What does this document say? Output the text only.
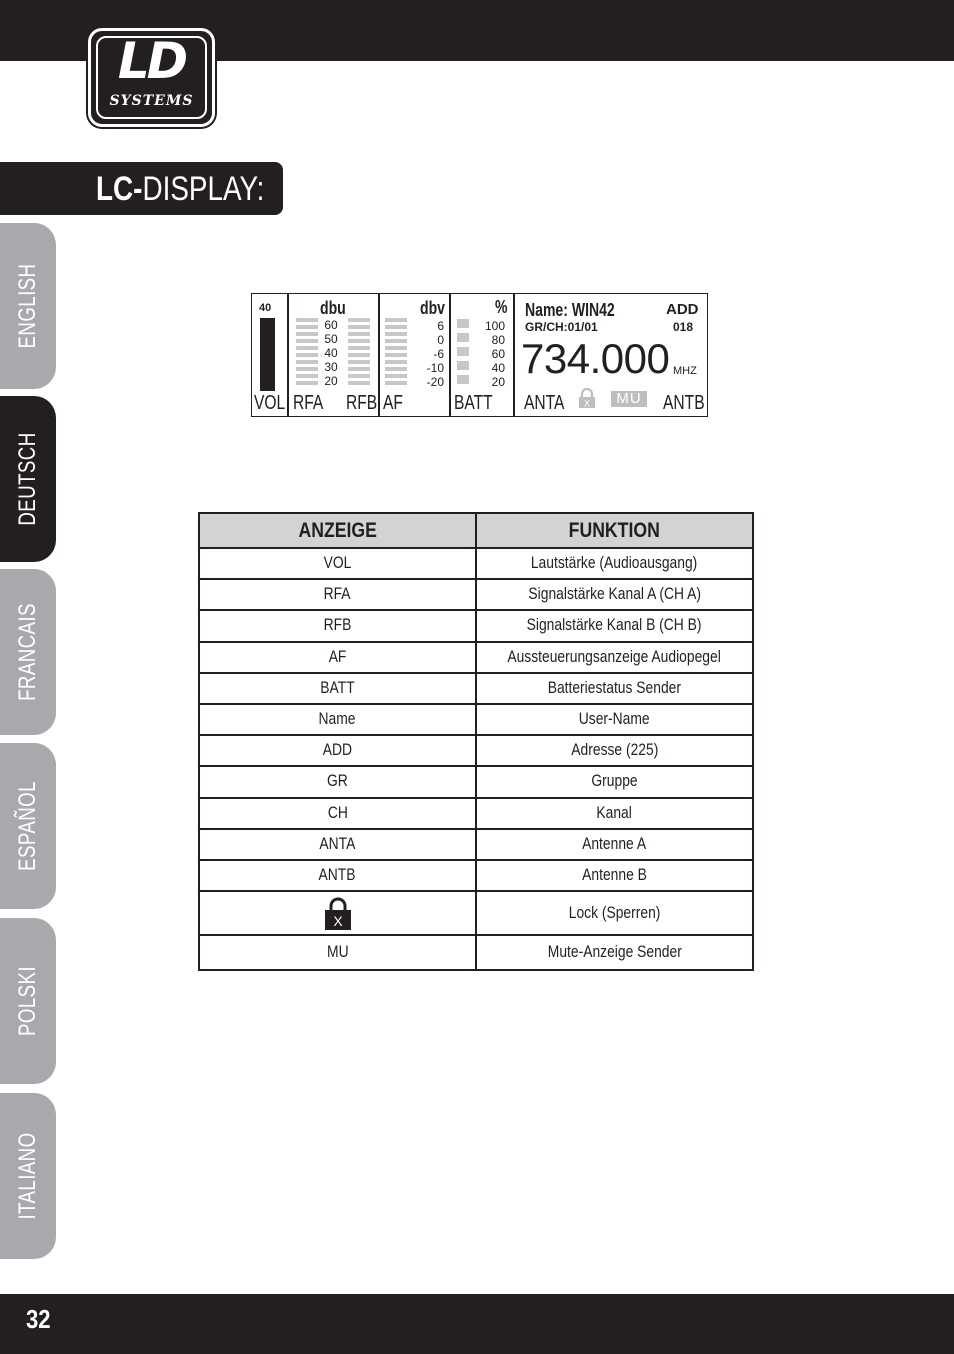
LD
SYSTEMS
LC-DISPLAY:
ENGLISH
DEUTSCH
FRANCAIS
ESPAÑOL
POLSKI
ITALIANO
40
VOL
dbu
60
50
40
30
20
RFA RFB
dbv
6
0
-6
-10
-20
AF
%
100
80
60
40
20
BATT
Name: WIN42	ADD
018
GR/CH:01/01
734.000 MHZ
ANTA	ANTB
X	MU
ANZEIGE	FUNKTION
VOL	Lautstärke (Audioausgang)
RFA	Signalstärke Kanal A (CH A)
RFB	Signalstärke Kanal B (CH B)
AF	Aussteuerungsanzeige Audiopegel
BATT	Batteriestatus Sender
Name	User-Name
ADD	Adresse (225)
GR	Gruppe
CH	Kanal
ANTA	Antenne A
ANTB	Antenne B

X	Lock (Sperren)
MU	Mute-Anzeige Sender
32
